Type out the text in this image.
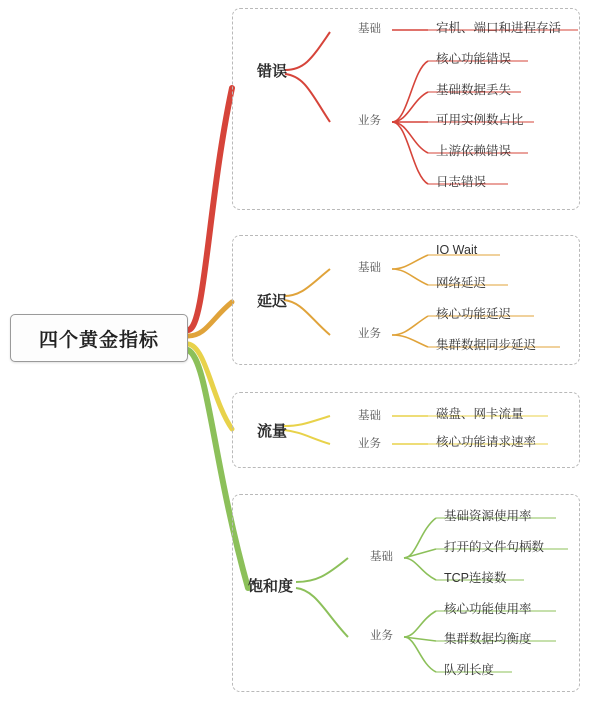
四个黄金指标
错误
基础
业务
宕机、端口和进程存活
核心功能错误
基础数据丢失
可用实例数占比
上游依赖错误
日志错误
延迟
基础
业务
IO Wait
网络延迟
核心功能延迟
集群数据同步延迟
流量
基础
业务
磁盘、网卡流量
核心功能请求速率
饱和度
基础
业务
基础资源使用率
打开的文件句柄数
TCP连接数
核心功能使用率
集群数据均衡度
队列长度
